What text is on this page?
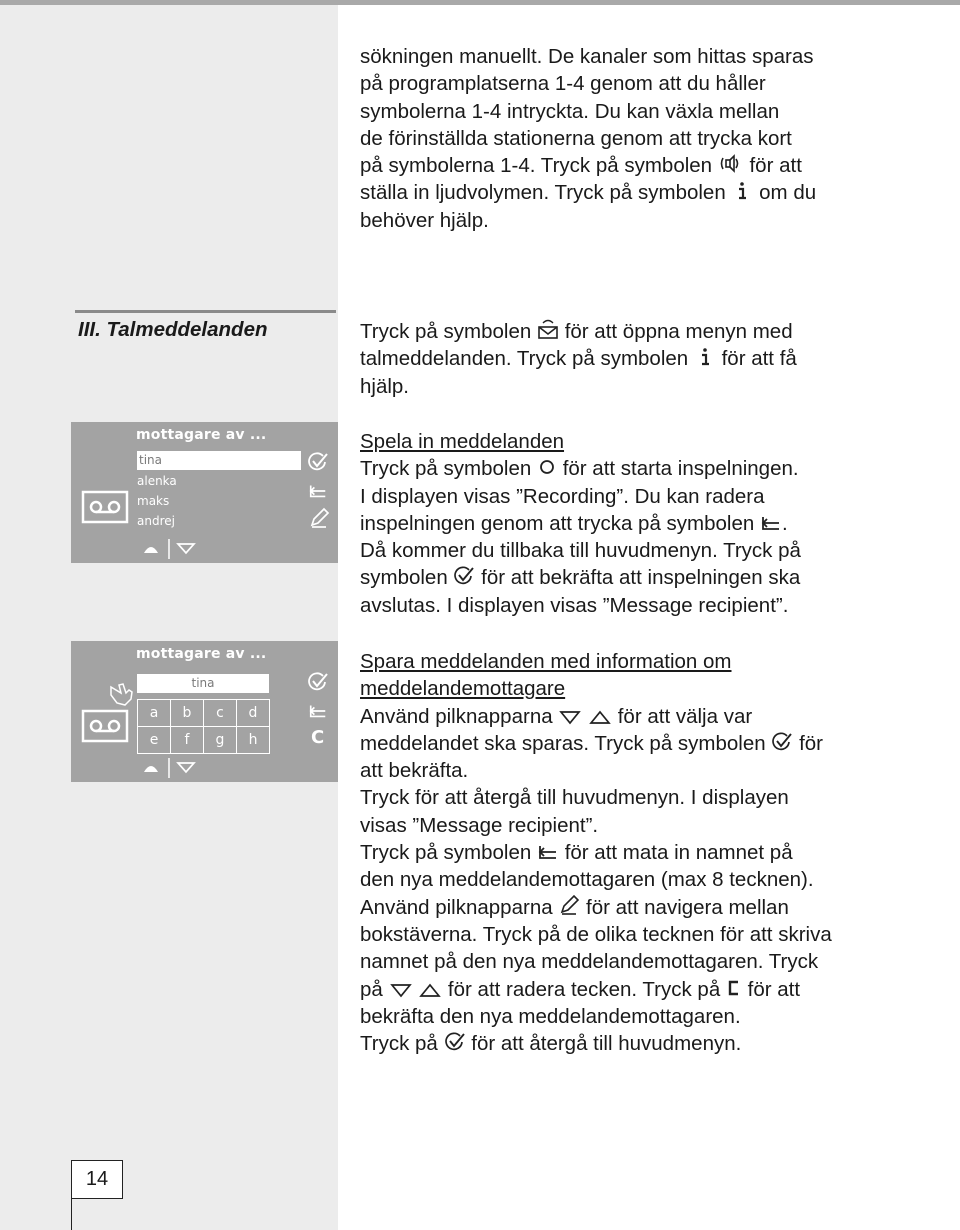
sökningen manuellt. De kanaler som hittas sparas

på programplatserna 1-4 genom att du håller

symbolerna 1-4 intryckta. Du kan växla mellan

de förinställda stationerna genom att trycka kort

på symbolerna 1-4. Tryck på symbolen för att

ställa in ljudvolymen. Tryck på symbolen om du

behöver hjälp.

III. Talmeddelanden	Tryck på symbolen för att öppna menyn med

talmeddelanden. Tryck på symbolen för att få

hjälp.

Spela in meddelanden

Tryck på symbolen för att starta inspelningen.

I displayen visas ”Recording”. Du kan radera

inspelningen genom att trycka på symbolen .

Då kommer du tillbaka till huvudmenyn. Tryck på

symbolen för att bekräfta att inspelningen ska

avslutas. I displayen visas ”Message recipient”.

Spara meddelanden med information om

meddelandemottagare

Använd pilknapparna	för att välja var

meddelandet ska sparas. Tryck på symbolen för

att bekräfta.

Tryck för att återgå till huvudmenyn. I displayen

visas ”Message recipient”.

Tryck på symbolen för att mata in namnet på

den nya meddelandemottagaren (max 8 tecknen).

Använd pilknapparna för att navigera mellan

bokstäverna. Tryck på de olika tecknen för att skriva

namnet på den nya meddelandemottagaren. Tryck

på	för att radera tecken. Tryck på för att

bekräfta den nya meddelandemottagaren.

Tryck på för att återgå till huvudmenyn.

mottagare av ...
tina
alenka
maks
andrej
mottagare av ...
tina
a	b	c	d
e	f	g	h	C
14
